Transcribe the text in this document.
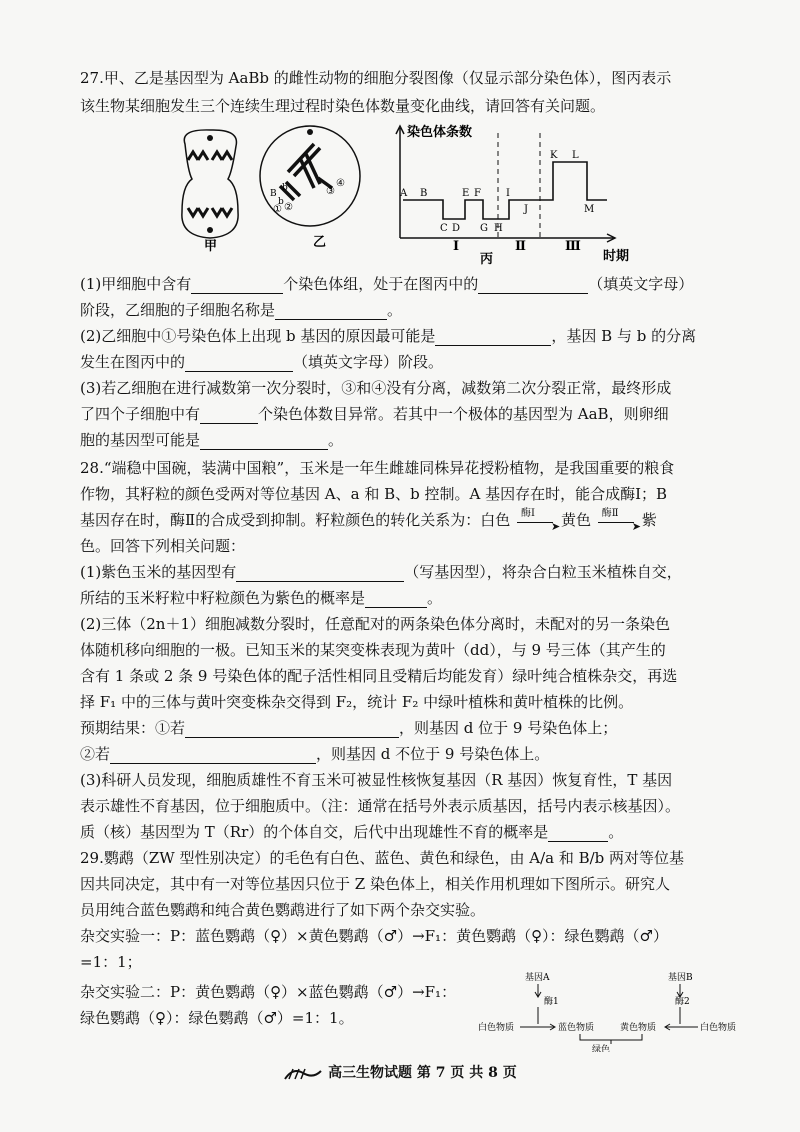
27.甲、乙是基因型为 AaBb 的雌性动物的细胞分裂图像（仅显示部分染色体），图丙表示
该生物某细胞发生三个连续生理过程时染色体数量变化曲线，请回答有关问题。
甲
B
b
b
① ②
③
④
乙
染色体条数
时期
丙
Ⅰ	Ⅱ	Ⅲ
A B
C D
E F
G H
I
J
K L
M
(1)甲细胞中含有	个染色体组，处于在图丙中的	（填英文字母）
阶段，乙细胞的子细胞名称是	。
(2)乙细胞中①号染色体上出现 b 基因的原因最可能是	，基因 B 与 b 的分离
发生在图丙中的	（填英文字母）阶段。
(3)若乙细胞在进行减数第一次分裂时，③和④没有分离，减数第二次分裂正常，最终形成
了四个子细胞中有	个染色体数目异常。若其中一个极体的基因型为 AaB，则卵细
胞的基因型可能是	。
28.“端稳中国碗，装满中国粮”，玉米是一年生雌雄同株异花授粉植物，是我国重要的粮食
作物，其籽粒的颜色受两对等位基因 A、a 和 B、b 控制。A 基因存在时，能合成酶Ⅰ；B
基因存在时，酶Ⅱ的合成受到抑制。籽粒颜色的转化关系为：白色 酶Ⅰ
➤ 黄色 酶Ⅱ
➤ 紫
色。回答下列相关问题：
(1)紫色玉米的基因型有	（写基因型），将杂合白粒玉米植株自交，
所结的玉米籽粒中籽粒颜色为紫色的概率是	。
(2)三体（2n＋1）细胞减数分裂时，任意配对的两条染色体分离时，未配对的另一条染色
体随机移向细胞的一极。已知玉米的某突变株表现为黄叶（dd），与 9 号三体（其产生的
含有 1 条或 2 条 9 号染色体的配子活性相同且受精后均能发育）绿叶纯合植株杂交，再选
择 F₁ 中的三体与黄叶突变株杂交得到 F₂，统计 F₂ 中绿叶植株和黄叶植株的比例。
预期结果：①若	，则基因 d 位于 9 号染色体上；
②若	，则基因 d 不位于 9 号染色体上。
(3)科研人员发现，细胞质雄性不育玉米可被显性核恢复基因（R 基因）恢复育性，T 基因
表示雄性不育基因，位于细胞质中。（注：通常在括号外表示质基因，括号内表示核基因）。
质（核）基因型为 T（Rr）的个体自交，后代中出现雄性不育的概率是	。
29.鹦鹉（ZW 型性别决定）的毛色有白色、蓝色、黄色和绿色，由 A/a 和 B/b 两对等位基
因共同决定，其中有一对等位基因只位于 Z 染色体上，相关作用机理如下图所示。研究人
员用纯合蓝色鹦鹉和纯合黄色鹦鹉进行了如下两个杂交实验。
杂交实验一：P：蓝色鹦鹉（♀）×黄色鹦鹉（♂）→F₁：黄色鹦鹉（♀）：绿色鹦鹉（♂）
=1：1；
杂交实验二：P：黄色鹦鹉（♀）×蓝色鹦鹉（♂）→F₁：
绿色鹦鹉（♀）：绿色鹦鹉（♂）=1：1。
基因A	基因B
酶1	酶2
白色物质	蓝色物质	黄色物质	白色物质
绿色
高三生物试题 第 7 页 共 8 页
